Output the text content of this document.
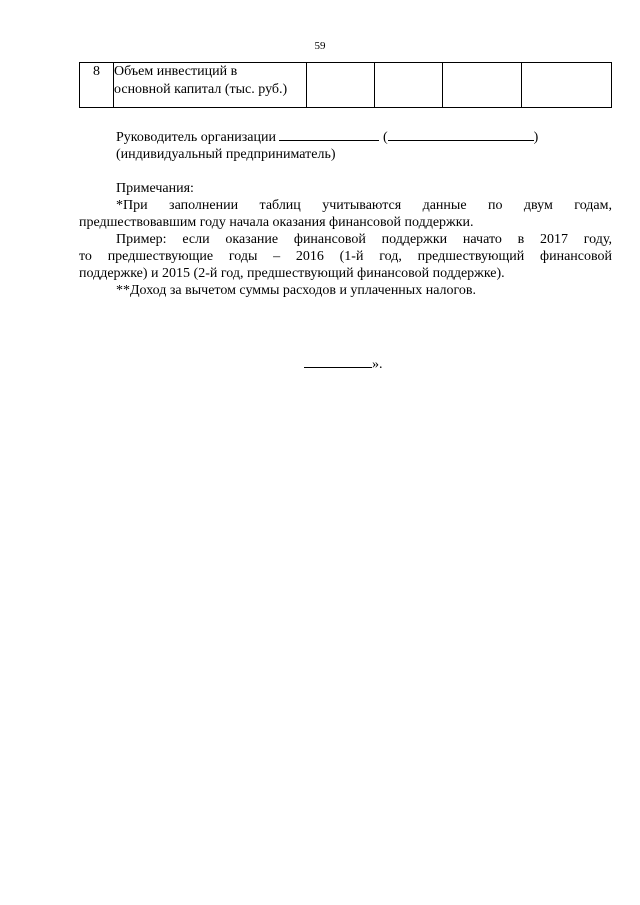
59
8	Объем инвестиций в
основной капитал (тыс. руб.)

Руководитель организации	(	)
(индивидуальный предприниматель)
Примечания:
*При заполнении таблиц учитываются данные по двум годам,
предшествовавшим году начала оказания финансовой поддержки.
Пример: если оказание финансовой поддержки начато в 2017 году,
то предшествующие годы – 2016 (1-й год, предшествующий финансовой
поддержке) и 2015 (2-й год, предшествующий финансовой поддержке).
**Доход за вычетом суммы расходов и уплаченных налогов.
».
